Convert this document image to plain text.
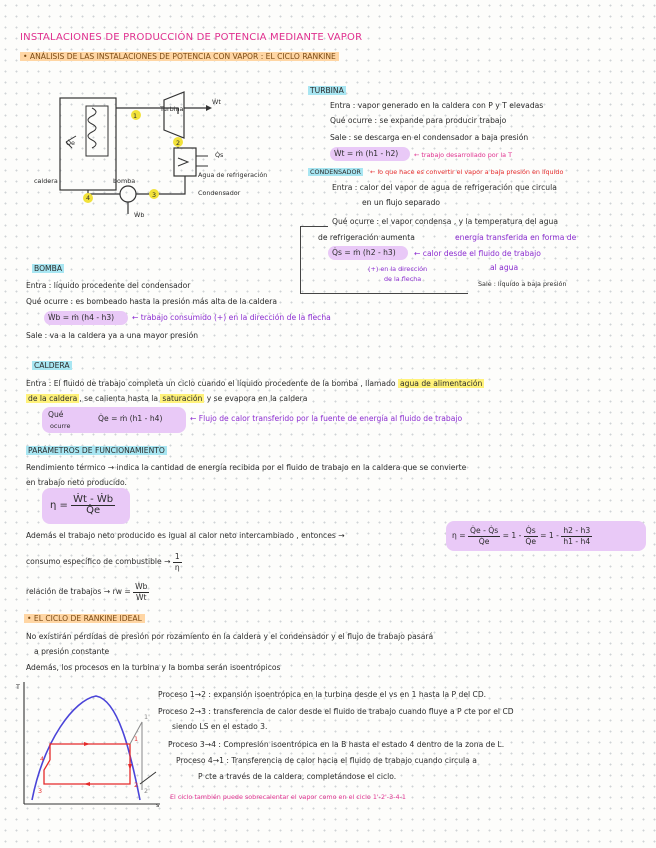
INSTALACIONES DE PRODUCCIÓN DE POTENCIA MEDIANTE VAPOR
• ANÁLISIS DE LAS INSTALACIONES DE POTENCIA CON VAPOR : EL CICLO RANKINE
1
2
3
4
Turbina
Ẇt
caldera	bomba
Q̇e
Q̇s
Agua de refrigeración
Condensador
Ẇb
TURBINA
Entra : vapor generado en la caldera con P y T elevadas
Qué ocurre : se expande para producir trabajo
Sale : se descarga en el condensador a baja presión
Ẇt = ṁ (h1 - h2) ← trabajo desarrollado por la T
CONDENSADOR	← lo que hace es convertir el vapor a baja presión en líquido
Entra : calor del vapor de agua de refrigeración que circula
en un flujo separado
Qué ocurre : el vapor condensa , y la temperatura del agua
de refrigeración aumenta	energía transferida en forma de
Q̇s = ṁ (h2 - h3) ← calor desde el fluido de trabajo
al agua
(+) en la dirección
de la flecha
Sale : líquido a baja presión
BOMBA
Entra : líquido procedente del condensador
Qué ocurre : es bombeado hasta la presión más alta de la caldera
Ẇb = ṁ (h4 - h3) ← trabajo consumido (+) en la dirección de la flecha
Sale : va a la caldera ya a una mayor presión
CALDERA
Entra : El fluido de trabajo completa un ciclo cuando el líquido procedente de la bomba , llamado agua de alimentación
de la caldera , se calienta hasta la saturación y se evapora en la caldera
Qué
ocurre
Q̇e = ṁ (h1 - h4)	← Flujo de calor transferido por la fuente de energía al fluido de trabajo
PARÁMETROS DE FUNCIONAMIENTO
Rendimiento térmico → indica la cantidad de energía recibida por el fluido de trabajo en la caldera que se convierte
en trabajo neto producido.
$\eta = \frac{\text{Ẇt - Ẇb}}{Q̇e}$
Además el trabajo neto producido es igual al calor neto intercambiado , entonces →	$\eta = \frac{Q̇e - Q̇s}{Q̇e} = 1 - \frac{Q̇s}{Q̇e} = 1 - \frac{h2 - h3}{h1 - h4}$
consumo específico de combustible → $\frac{1}{\eta}$
relación de trabajos → rw = $\frac{\text{Ẇb}}{\text{Ẇt}}$
• EL CICLO DE RANKINE IDEAL
No existirán pérdidas de presión por rozamiento en la caldera y el condensador y el flujo de trabajo pasará
a presión constante
Además, los procesos en la turbina y la bomba serán isoentrópicos
T
s
1
2
3
4
1'
2'
Proceso 1→2 : expansión isoentrópica en la turbina desde el vs en 1 hasta la P del CD.
Proceso 2→3 : transferencia de calor desde el fluido de trabajo cuando fluye a P cte por el CD
siendo LS en el estado 3.
Proceso 3→4 : Compresión isoentrópica en la B hasta el estado 4 dentro de la zona de L.
Proceso 4→1 : Transferencia de calor hacia el fluido de trabajo cuando circula a
P cte a través de la caldera, completándose el ciclo.
El ciclo también puede sobrecalentar el vapor como en el ciclo 1'-2'-3-4-1
